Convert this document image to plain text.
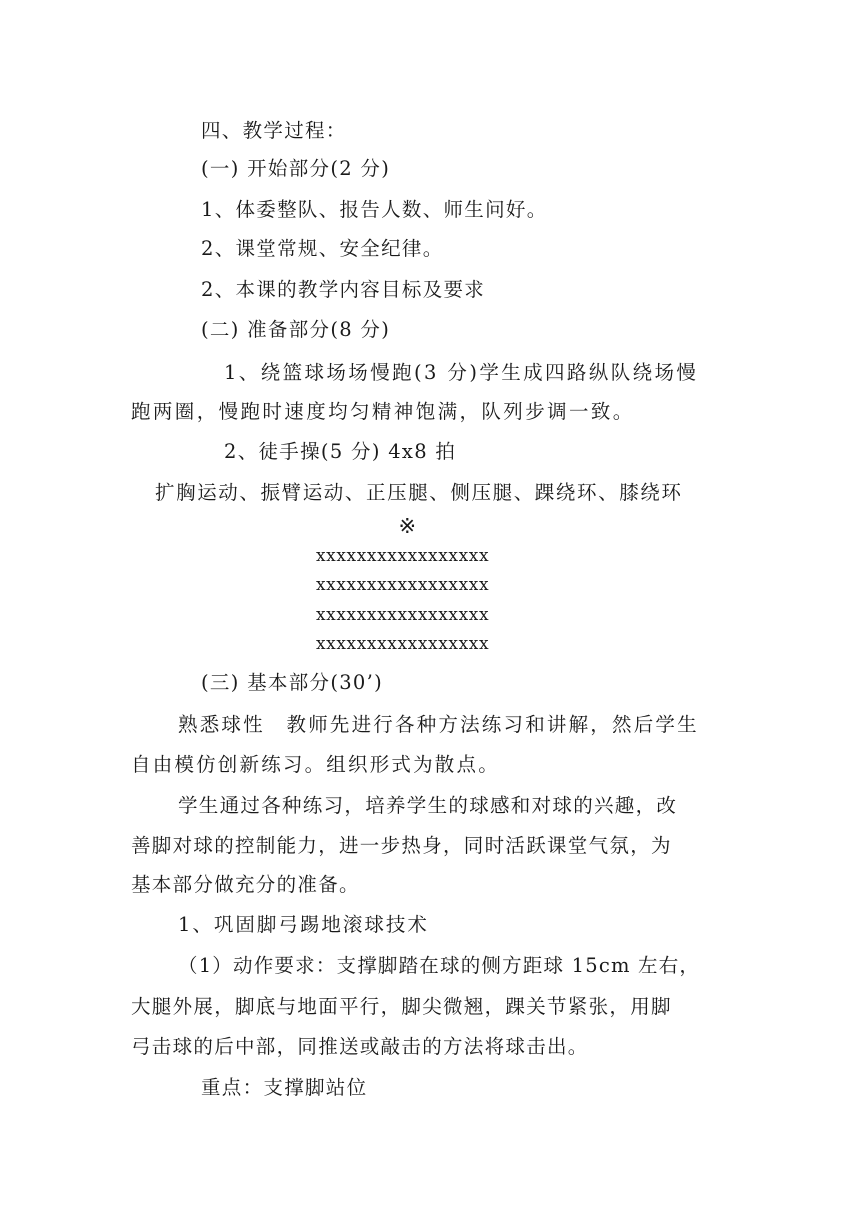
四、教学过程：
(一) 开始部分(2 分)
1、体委整队、报告人数、师生问好。
2、课堂常规、安全纪律。
2、本课的教学内容目标及要求
(二) 准备部分(8 分)
1、绕篮球场场慢跑(3 分)学生成四路纵队绕场慢
跑两圈，慢跑时速度均匀精神饱满，队列步调一致。
2、徒手操(5 分) 4x8 拍
扩胸运动、振臂运动、正压腿、侧压腿、踝绕环、膝绕环
※
xxxxxxxxxxxxxxxxx
xxxxxxxxxxxxxxxxx
xxxxxxxxxxxxxxxxx
xxxxxxxxxxxxxxxxx
(三) 基本部分(30’)
熟悉球性　教师先进行各种方法练习和讲解，然后学生
自由模仿创新练习。组织形式为散点。
学生通过各种练习，培养学生的球感和对球的兴趣，改
善脚对球的控制能力，进一步热身，同时活跃课堂气氛，为
基本部分做充分的准备。
1、巩固脚弓踢地滚球技术
（1）动作要求：支撑脚踏在球的侧方距球 15cm 左右，
大腿外展，脚底与地面平行，脚尖微翘，踝关节紧张，用脚
弓击球的后中部，同推送或敲击的方法将球击出。
重点：支撑脚站位
